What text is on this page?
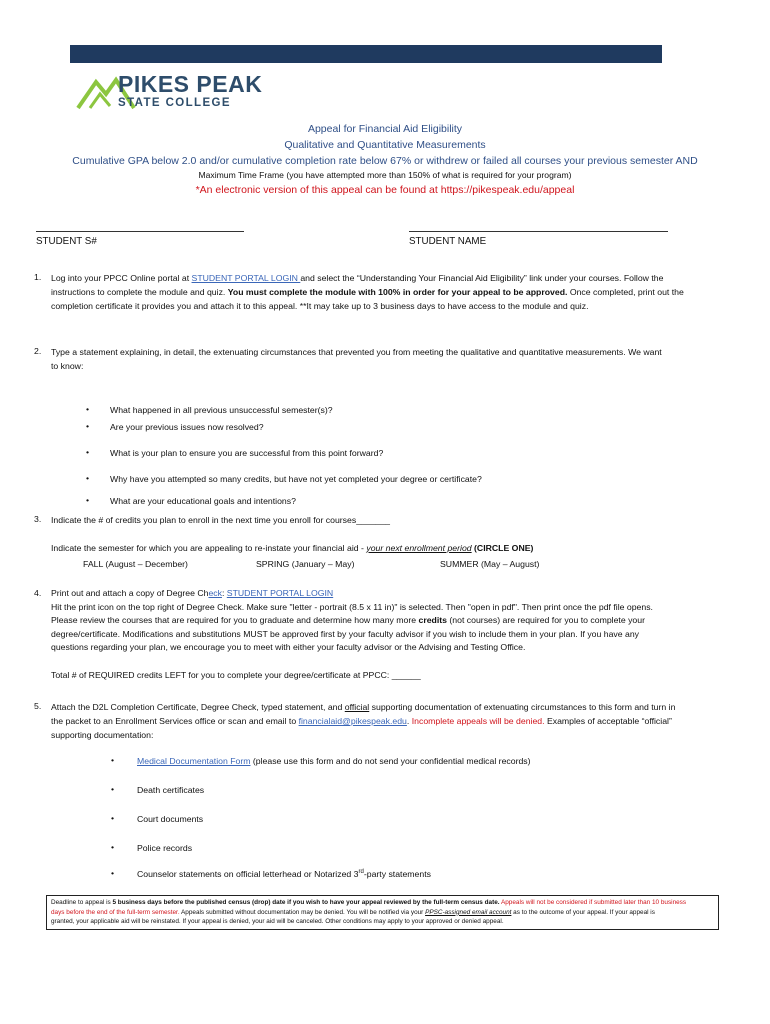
PIKES PEAK
STATE COLLEGE
Appeal for Financial Aid Eligibility
Qualitative and Quantitative Measurements
Cumulative GPA below 2.0 and/or cumulative completion rate below 67% or withdrew or failed all courses your previous semester AND
Maximum Time Frame (you have attempted more than 150% of what is required for your program)
*An electronic version of this appeal can be found at https://pikespeak.edu/appeal
STUDENT S#	STUDENT NAME
1. Log into your PPCC Online portal at STUDENT PORTAL LOGIN and select the “Understanding Your Financial Aid Eligibility” link under your courses. Follow the
instructions to complete the module and quiz. You must complete the module with 100% in order for your appeal to be approved. Once completed, print out the
completion certificate it provides you and attach it to this appeal. **It may take up to 3 business days to have access to the module and quiz.
2. Type a statement explaining, in detail, the extenuating circumstances that prevented you from meeting the qualitative and quantitative measurements. We want
to know:
• What happened in all previous unsuccessful semester(s)?
• Are your previous issues now resolved?
• What is your plan to ensure you are successful from this point forward?
• Why have you attempted so many credits, but have not yet completed your degree or certificate?
• What are your educational goals and intentions?
3. Indicate the # of credits you plan to enroll in the next time you enroll for courses_______
Indicate the semester for which you are appealing to re-instate your financial aid - your next enrollment period (CIRCLE ONE)
FALL (August – December)	SPRING (January – May)	SUMMER (May – August)
4. Print out and attach a copy of Degree Check: STUDENT PORTAL LOGIN
Hit the print icon on the top right of Degree Check. Make sure "letter - portrait (8.5 x 11 in)" is selected. Then "open in pdf". Then print once the pdf file opens.
Please review the courses that are required for you to graduate and determine how many more credits (not courses) are required for you to complete your
degree/certificate. Modifications and substitutions MUST be approved first by your faculty advisor if you wish to include them in your plan. If you have any
questions regarding your plan, we encourage you to meet with either your faculty advisor or the Advising and Testing Office.
Total # of REQUIRED credits LEFT for you to complete your degree/certificate at PPCC: ______
5. Attach the D2L Completion Certificate, Degree Check, typed statement, and official supporting documentation of extenuating circumstances to this form and turn in
the packet to an Enrollment Services office or scan and email to financialaid@pikespeak.edu. Incomplete appeals will be denied. Examples of acceptable “official”
supporting documentation:
•	Medical Documentation Form (please use this form and do not send your confidential medical records)
•	Death certificates
•	Court documents
•	Police records
•	Counselor statements on official letterhead or Notarized 3rd-party statements
Deadline to appeal is 5 business days before the published census (drop) date if you wish to have your appeal reviewed by the full-term census date. Appeals will not be considered if submitted later than 10 business
days before the end of the full-term semester. Appeals submitted without documentation may be denied. You will be notified via your PPSC-assigned email account as to the outcome of your appeal. If your appeal is
granted, your applicable aid will be reinstated. If your appeal is denied, your aid will be canceled. Other conditions may apply to your approved or denied appeal.
